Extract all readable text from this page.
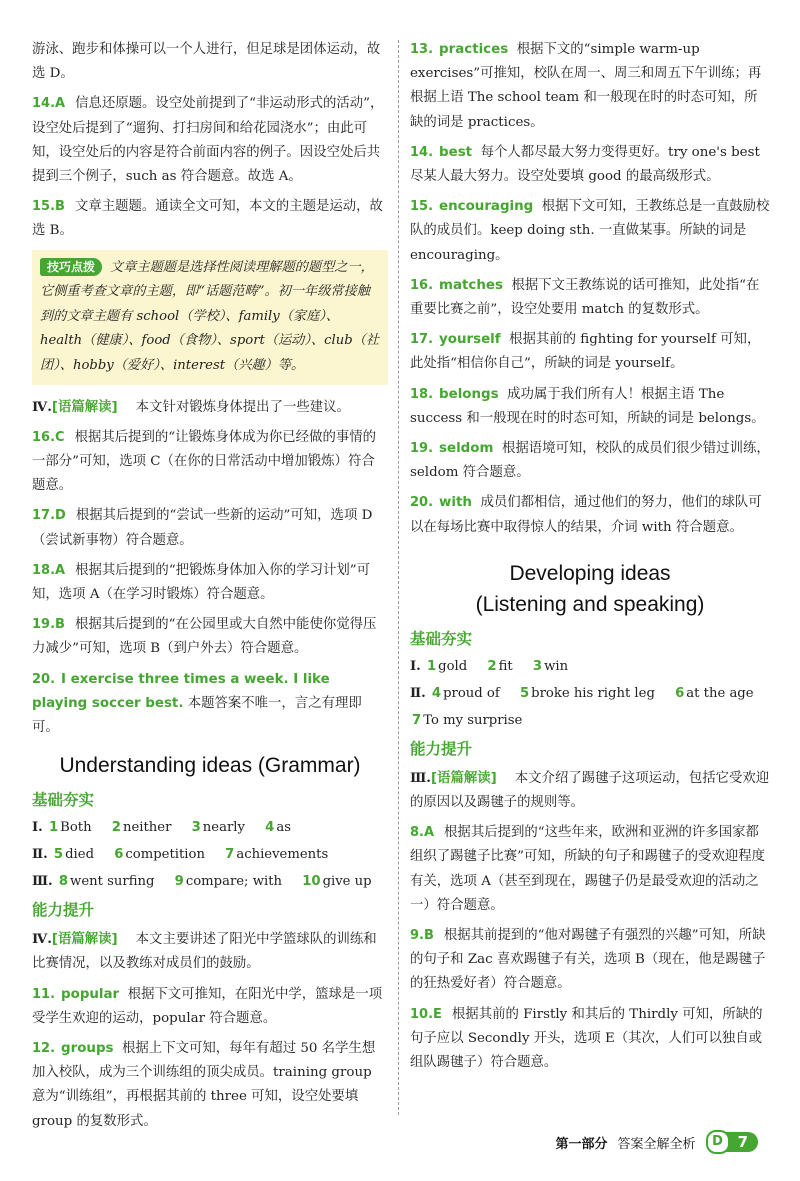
游泳、跑步和体操可以一个人进行，但足球是团体运动，故选 D。

14.A 信息还原题。设空处前提到了“非运动形式的活动”，设空处后提到了“遛狗、打扫房间和给花园浇水”；由此可知，设空处后的内容是符合前面内容的例子。因设空处后共提到三个例子，such as 符合题意。故选 A。

15.B 文章主题题。通读全文可知，本文的主题是运动，故选 B。

技巧点拨 文章主题题是选择性阅读理解题的题型之一，它侧重考查文章的主题，即“话题范畴”。初一年级常接触到的文章主题有 school（学校）、family（家庭）、health（健康）、food（食物）、sport（运动）、club（社团）、hobby（爱好）、interest（兴趣）等。

Ⅳ.[语篇解读] 本文针对锻炼身体提出了一些建议。

16.C 根据其后提到的“让锻炼身体成为你已经做的事情的一部分”可知，选项 C（在你的日常活动中增加锻炼）符合题意。

17.D 根据其后提到的“尝试一些新的运动”可知，选项 D（尝试新事物）符合题意。

18.A 根据其后提到的“把锻炼身体加入你的学习计划”可知，选项 A（在学习时锻炼）符合题意。

19.B 根据其后提到的“在公园里或大自然中能使你觉得压力减少”可知，选项 B（到户外去）符合题意。

20. I exercise three times a week. I like playing soccer best. 本题答案不唯一，言之有理即可。

Understanding ideas (Grammar)
基础夯实
Ⅰ. 1 Both 2 neither 3 nearly 4 as
Ⅱ. 5 died 6 competition 7 achievements
Ⅲ. 8 went surfing 9 compare; with 10 give up
能力提升

Ⅳ.[语篇解读] 本文主要讲述了阳光中学篮球队的训练和比赛情况，以及教练对成员们的鼓励。

11. popular 根据下文可推知，在阳光中学，篮球是一项受学生欢迎的运动，popular 符合题意。

12. groups 根据上下文可知，每年有超过 50 名学生想加入校队，成为三个训练组的顶尖成员。training group 意为“训练组”，再根据其前的 three 可知，设空处要填 group 的复数形式。

13. practices 根据下文的“simple warm-up exercises”可推知，校队在周一、周三和周五下午训练；再根据上语 The school team 和一般现在时的时态可知，所缺的词是 practices。

14. best 每个人都尽最大努力变得更好。try one's best 尽某人最大努力。设空处要填 good 的最高级形式。

15. encouraging 根据下文可知，王教练总是一直鼓励校队的成员们。keep doing sth. 一直做某事。所缺的词是 encouraging。

16. matches 根据下文王教练说的话可推知，此处指“在重要比赛之前”，设空处要用 match 的复数形式。

17. yourself 根据其前的 fighting for yourself 可知，此处指“相信你自己”，所缺的词是 yourself。

18. belongs 成功属于我们所有人！根据主语 The success 和一般现在时的时态可知，所缺的词是 belongs。

19. seldom 根据语境可知，校队的成员们很少错过训练，seldom 符合题意。

20. with 成员们都相信，通过他们的努力，他们的球队可以在每场比赛中取得惊人的结果，介词 with 符合题意。

Developing ideas
(Listening and speaking)
基础夯实
Ⅰ. 1 gold 2 fit 3 win
Ⅱ. 4 proud of 5 broke his right leg 6 at the age
7 To my surprise
能力提升

Ⅲ.[语篇解读] 本文介绍了踢毽子这项运动，包括它受欢迎的原因以及踢毽子的规则等。

8.A 根据其后提到的“这些年来，欧洲和亚洲的许多国家都组织了踢毽子比赛”可知，所缺的句子和踢毽子的受欢迎程度有关，选项 A（甚至到现在，踢毽子仍是最受欢迎的活动之一）符合题意。

9.B 根据其前提到的“他对踢毽子有强烈的兴趣”可知，所缺的句子和 Zac 喜欢踢毽子有关，选项 B（现在，他是踢毽子的狂热爱好者）符合题意。

10.E 根据其前的 Firstly 和其后的 Thirdly 可知，所缺的句子应以 Secondly 开头，选项 E（其次，人们可以独自或组队踢毽子）符合题意。

第一部分 答案全解全析	D 7
